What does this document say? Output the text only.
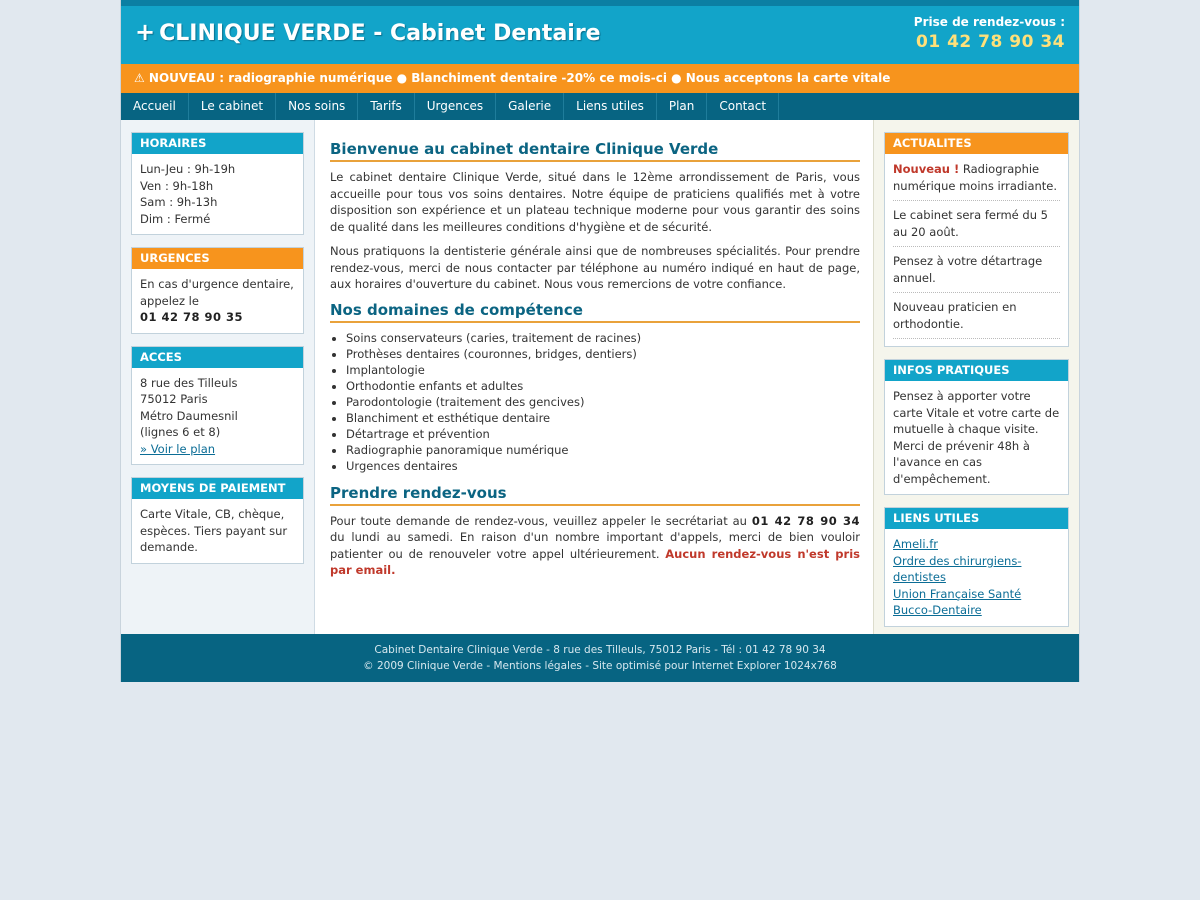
+ CLINIQUE VERDE - Cabinet Dentaire	Prise de rendez-vous :
01 42 78 90 34
⚠ NOUVEAU : radiographie numérique ● Blanchiment dentaire -20% ce mois-ci ● Nous acceptons la carte vitale
Accueil	Le cabinet	Nos soins	Tarifs	Urgences	Galerie	Liens utiles	Plan	Contact
HORAIRES
Lun-Jeu : 9h-19h
Ven : 9h-18h
Sam : 9h-13h
Dim : Fermé
URGENCES
En cas d'urgence dentaire, appelez le
01 42 78 90 35
ACCES
8 rue des Tilleuls
75012 Paris
Métro Daumesnil
(lignes 6 et 8)
» Voir le plan
MOYENS DE PAIEMENT
Carte Vitale, CB, chèque, espèces. Tiers payant sur demande.
Bienvenue au cabinet dentaire Clinique Verde

Le cabinet dentaire Clinique Verde, situé dans le 12ème arrondissement de Paris, vous accueille pour tous vos soins dentaires. Notre équipe de praticiens qualifiés met à votre disposition son expérience et un plateau technique moderne pour vous garantir des soins de qualité dans les meilleures conditions d'hygiène et de sécurité.

Nous pratiquons la dentisterie générale ainsi que de nombreuses spécialités. Pour prendre rendez-vous, merci de nous contacter par téléphone au numéro indiqué en haut de page, aux horaires d'ouverture du cabinet. Nous vous remercions de votre confiance.

Nos domaines de compétence
• Soins conservateurs (caries, traitement de racines)
• Prothèses dentaires (couronnes, bridges, dentiers)
• Implantologie
• Orthodontie enfants et adultes
• Parodontologie (traitement des gencives)
• Blanchiment et esthétique dentaire
• Détartrage et prévention
• Radiographie panoramique numérique
• Urgences dentaires
Prendre rendez-vous

Pour toute demande de rendez-vous, veuillez appeler le secrétariat au 01 42 78 90 34 du lundi au samedi. En raison d'un nombre important d'appels, merci de bien vouloir patienter ou de renouveler votre appel ultérieurement. Aucun rendez-vous n'est pris par email.

ACTUALITES
Nouveau ! Radiographie numérique moins irradiante.
Le cabinet sera fermé du 5 au 20 août.
Pensez à votre détartrage annuel.
Nouveau praticien en orthodontie.
INFOS PRATIQUES
Pensez à apporter votre carte Vitale et votre carte de mutuelle à chaque visite. Merci de prévenir 48h à l'avance en cas d'empêchement.
LIENS UTILES
Ameli.fr
Ordre des chirurgiens-dentistes
Union Française Santé Bucco-Dentaire
Cabinet Dentaire Clinique Verde - 8 rue des Tilleuls, 75012 Paris - Tél : 01 42 78 90 34
© 2009 Clinique Verde - Mentions légales - Site optimisé pour Internet Explorer 1024x768
